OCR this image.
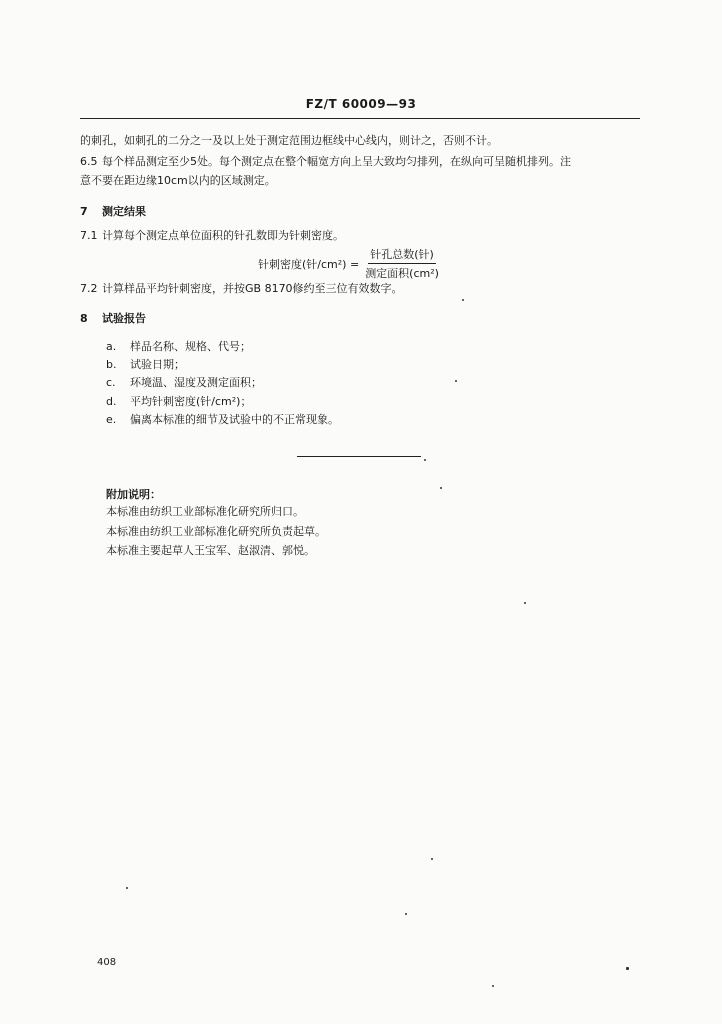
FZ/T 60009—93
的刺孔，如刺孔的二分之一及以上处于测定范围边框线中心线内，则计之，否则不计。
6.5 每个样品测定至少5处。每个测定点在整个幅宽方向上呈大致均匀排列，在纵向可呈随机排列。注
意不要在距边缘10cm以内的区域测定。
7 测定结果
7.1 计算每个测定点单位面积的针孔数即为针刺密度。
针刺密度(针$/cm^2) = \frac{\text{针孔总数(针)}}{\text{测定面积(cm²)}}$
7.2 计算样品平均针刺密度，并按GB 8170修约至三位有效数字。
8 试验报告
a. 样品名称、规格、代号；
b. 试验日期；
c. 环境温、湿度及测定面积；
d. 平均针刺密度(针/cm²)；
e. 偏离本标准的细节及试验中的不正常现象。
附加说明：
本标准由纺织工业部标准化研究所归口。
本标准由纺织工业部标准化研究所负责起草。
本标准主要起草人王宝军、赵淑清、郭悦。
408
